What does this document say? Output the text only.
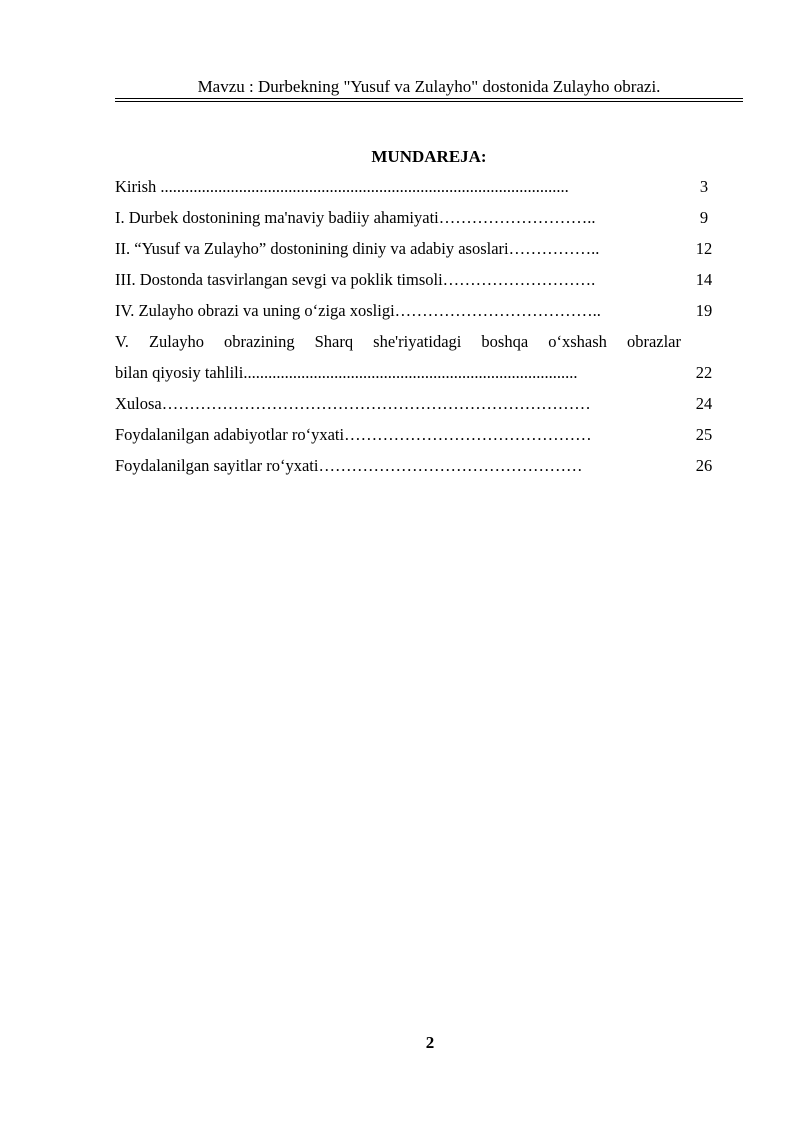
Mavzu : Durbekning "Yusuf va Zulayho" dostonida Zulayho obrazi.
MUNDAREJA:
Kirish ...................................................................................................	3
I. Durbek dostonining ma'naviy badiiy ahamiyati………………………..	9
II. “Yusuf va Zulayho” dostonining diniy va adabiy asoslari……………..	12
III. Dostonda tasvirlangan sevgi va poklik timsoli……………………….	14
IV. Zulayho obrazi va uning o‘ziga xosligi………………………………..	19
V. Zulayho obrazining Sharq she'riyatidagi boshqa o‘xshash obrazlar
bilan qiyosiy tahlili.................................................................................	22
Xulosa……………………………………………………………………	24
Foydalanilgan adabiyotlar ro‘yxati………………………………………	25
Foydalanilgan sayitlar ro‘yxati…………………………………………	26
2
